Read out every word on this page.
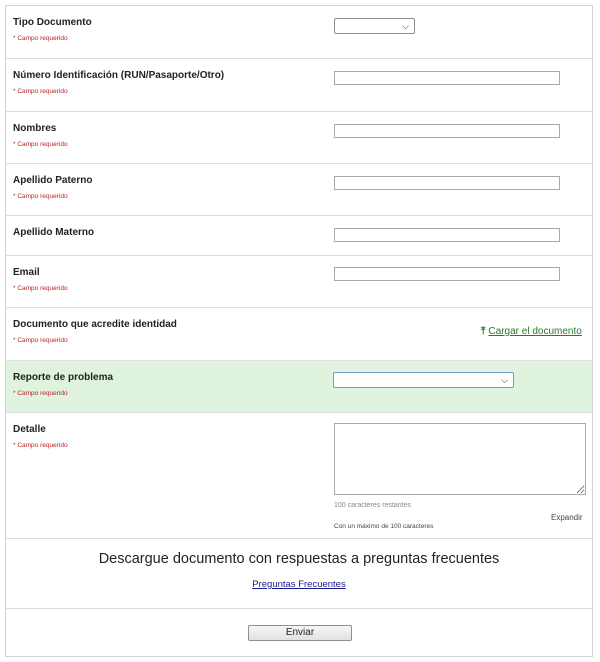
Tipo Documento
* Campo requerido
⌵
Número Identificación (RUN/Pasaporte/Otro)
* Campo requerido
Nombres
* Campo requerido
Apellido Paterno
* Campo requerido
Apellido Materno
Email
* Campo requerido
Documento que acredite identidad
* Campo requerido
⤒ Cargar el documento
Reporte de problema
* Campo requerido
⌵
Detalle
* Campo requerido
100 caracteres restantes
Expandir
Con un máximo de 100 caracteres
Descargue documento con respuestas a preguntas frecuentes
Preguntas Frecuentes
Enviar
